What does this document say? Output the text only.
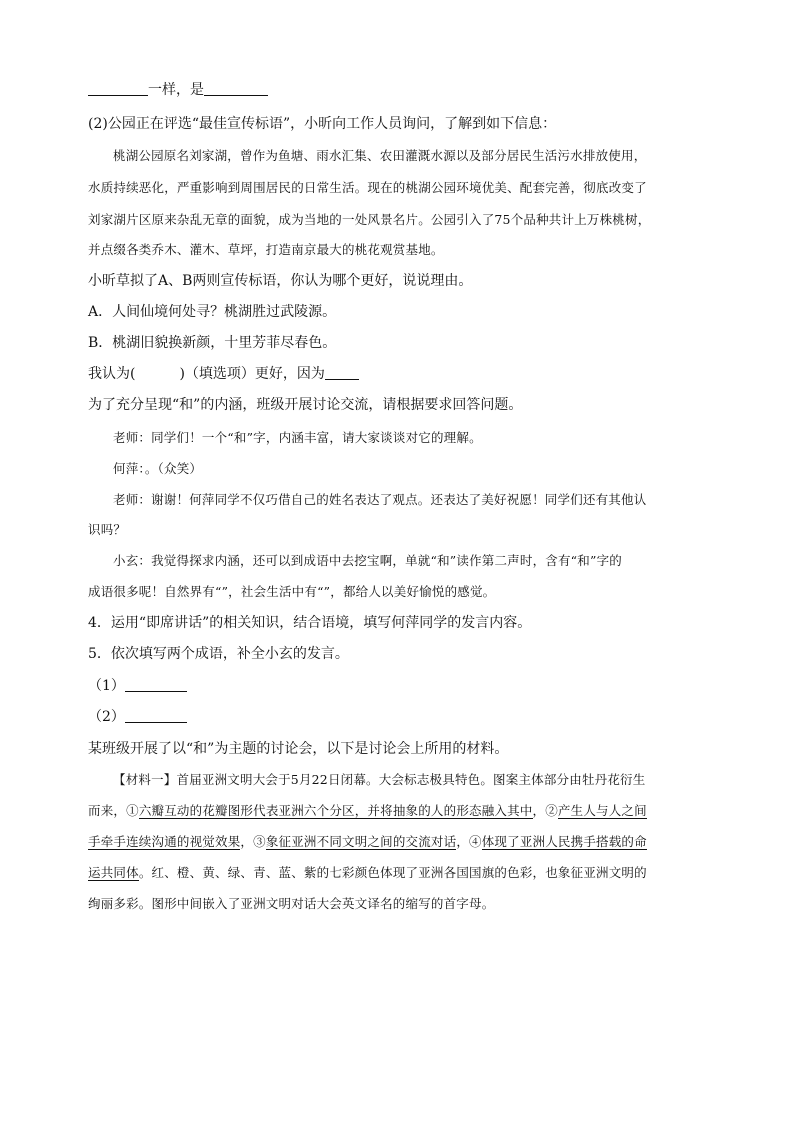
一样，是
(2)公园正在评选“最佳宣传标语”，小昕向工作人员询问，了解到如下信息：
桃湖公园原名刘家湖，曾作为鱼塘、雨水汇集、农田灌溉水源以及部分居民生活污水排放使用，
水质持续恶化，严重影响到周围居民的日常生活。现在的桃湖公园环境优美、配套完善，彻底改变了
刘家湖片区原来杂乱无章的面貌，成为当地的一处风景名片。公园引入了75个品种共计上万株桃树，
并点缀各类乔木、灌木、草坪，打造南京最大的桃花观赏基地。
小昕草拟了A、B两则宣传标语，你认为哪个更好，说说理由。
A．人间仙境何处寻？桃湖胜过武陵源。
B．桃湖旧貌换新颜，十里芳菲尽春色。
我认为(	)（填选项）更好，因为
为了充分呈现“和”的内涵，班级开展讨论交流，请根据要求回答问题。
老师：同学们！一个“和”字，内涵丰富，请大家谈谈对它的理解。
何萍：。（众笑）
老师：谢谢！何萍同学不仅巧借自己的姓名表达了观点。还表达了美好祝愿！同学们还有其他认
识吗？
小玄：我觉得探求内涵，还可以到成语中去挖宝啊，单就“和”读作第二声时，含有“和”字的
成语很多呢！自然界有“”，社会生活中有“”，都给人以美好愉悦的感觉。
4．运用“即席讲话”的相关知识，结合语境，填写何萍同学的发言内容。
5．依次填写两个成语，补全小玄的发言。
（1）
（2）
某班级开展了以“和”为主题的讨论会，以下是讨论会上所用的材料。
【材料一】首届亚洲文明大会于5月22日闭幕。大会标志极具特色。图案主体部分由牡丹花衍生
而来，①六瓣互动的花瓣图形代表亚洲六个分区，并将抽象的人的形态融入其中，②产生人与人之间
手牵手连续沟通的视觉效果，③象征亚洲不同文明之间的交流对话，④体现了亚洲人民携手搭载的命
运共同体。红、橙、黄、绿、青、蓝、紫的七彩颜色体现了亚洲各国国旗的色彩，也象征亚洲文明的
绚丽多彩。图形中间嵌入了亚洲文明对话大会英文译名的缩写的首字母。
